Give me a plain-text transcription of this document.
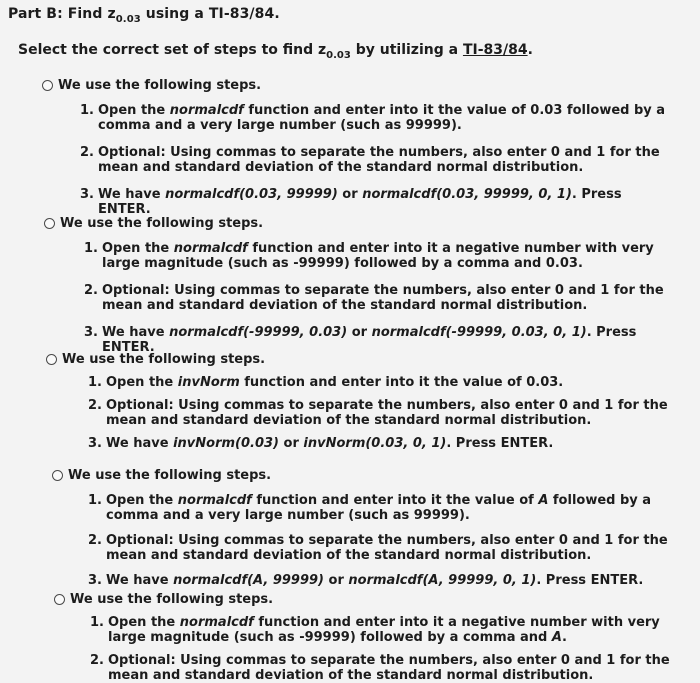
Part B: Find $z_{0.03}$ using a TI-83/84.
Select the correct set of steps to find $z_{0.03}$ by utilizing a TI-83/84.
We use the following steps.
1. Open the normalcdf function and enter into it the value of 0.03 followed by a comma and a very large number (such as 99999).
2. Optional: Using commas to separate the numbers, also enter 0 and 1 for the mean and standard deviation of the standard normal distribution.
3. We have normalcdf(0.03, 99999) or normalcdf(0.03, 99999, 0, 1). Press ENTER.
We use the following steps.
1. Open the normalcdf function and enter into it a negative number with very large magnitude (such as -99999) followed by a comma and 0.03.
2. Optional: Using commas to separate the numbers, also enter 0 and 1 for the mean and standard deviation of the standard normal distribution.
3. We have normalcdf(-99999, 0.03) or normalcdf(-99999, 0.03, 0, 1). Press ENTER.
We use the following steps.
1. Open the invNorm function and enter into it the value of 0.03.
2. Optional: Using commas to separate the numbers, also enter 0 and 1 for the mean and standard deviation of the standard normal distribution.
3. We have invNorm(0.03) or invNorm(0.03, 0, 1). Press ENTER.
We use the following steps.
1. Open the normalcdf function and enter into it the value of A followed by a comma and a very large number (such as 99999).
2. Optional: Using commas to separate the numbers, also enter 0 and 1 for the mean and standard deviation of the standard normal distribution.
3. We have normalcdf(A, 99999) or normalcdf(A, 99999, 0, 1). Press ENTER.
We use the following steps.
1. Open the normalcdf function and enter into it a negative number with very large magnitude (such as -99999) followed by a comma and A.
2. Optional: Using commas to separate the numbers, also enter 0 and 1 for the mean and standard deviation of the standard normal distribution.
